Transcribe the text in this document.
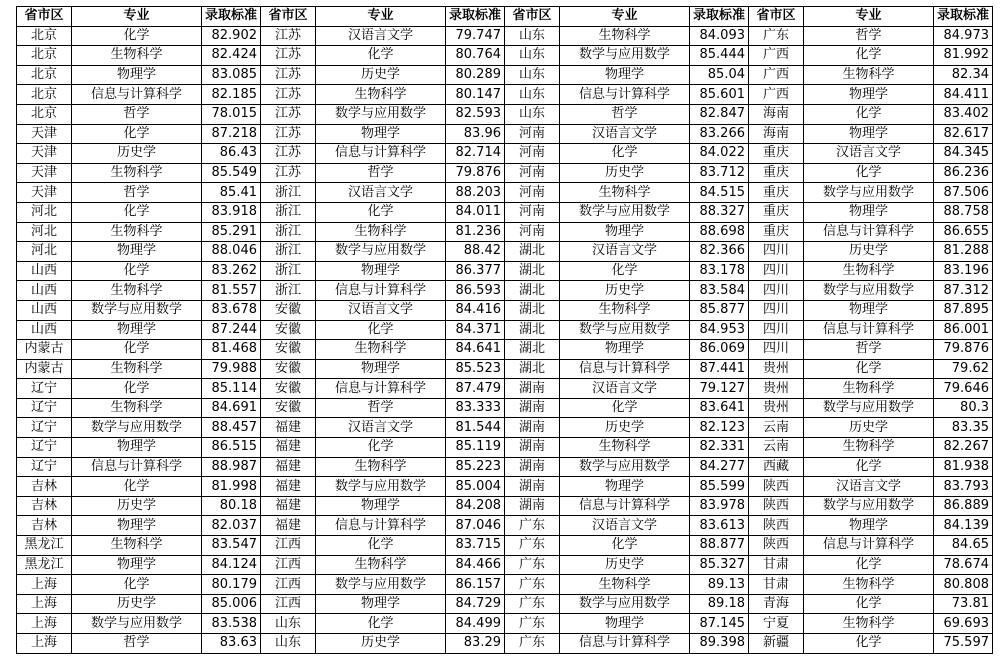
省市区	专业	录取标准	省市区	专业	录取标准	省市区	专业	录取标准	省市区	专业	录取标准
北京	化学	82.902	江苏	汉语言文学	79.747	山东	生物科学	84.093	广东	哲学	84.973
北京	生物科学	82.424	江苏	化学	80.764	山东	数学与应用数学	85.444	广西	化学	81.992
北京	物理学	83.085	江苏	历史学	80.289	山东	物理学	85.04	广西	生物科学	82.34
北京	信息与计算科学	82.185	江苏	生物科学	80.147	山东	信息与计算科学	85.601	广西	物理学	84.411
北京	哲学	78.015	江苏	数学与应用数学	82.593	山东	哲学	82.847	海南	化学	83.402
天津	化学	87.218	江苏	物理学	83.96	河南	汉语言文学	83.266	海南	物理学	82.617
天津	历史学	86.43	江苏	信息与计算科学	82.714	河南	化学	84.022	重庆	汉语言文学	84.345
天津	生物科学	85.549	江苏	哲学	79.876	河南	历史学	83.712	重庆	化学	86.236
天津	哲学	85.41	浙江	汉语言文学	88.203	河南	生物科学	84.515	重庆	数学与应用数学	87.506
河北	化学	83.918	浙江	化学	84.011	河南	数学与应用数学	88.327	重庆	物理学	88.758
河北	生物科学	85.291	浙江	生物科学	81.236	河南	物理学	88.698	重庆	信息与计算科学	86.655
河北	物理学	88.046	浙江	数学与应用数学	88.42	湖北	汉语言文学	82.366	四川	历史学	81.288
山西	化学	83.262	浙江	物理学	86.377	湖北	化学	83.178	四川	生物科学	83.196
山西	生物科学	81.557	浙江	信息与计算科学	86.593	湖北	历史学	83.584	四川	数学与应用数学	87.312
山西	数学与应用数学	83.678	安徽	汉语言文学	84.416	湖北	生物科学	85.877	四川	物理学	87.895
山西	物理学	87.244	安徽	化学	84.371	湖北	数学与应用数学	84.953	四川	信息与计算科学	86.001
内蒙古	化学	81.468	安徽	生物科学	84.641	湖北	物理学	86.069	四川	哲学	79.876
内蒙古	生物科学	79.988	安徽	物理学	85.523	湖北	信息与计算科学	87.441	贵州	化学	79.62
辽宁	化学	85.114	安徽	信息与计算科学	87.479	湖南	汉语言文学	79.127	贵州	生物科学	79.646
辽宁	生物科学	84.691	安徽	哲学	83.333	湖南	化学	83.641	贵州	数学与应用数学	80.3
辽宁	数学与应用数学	88.457	福建	汉语言文学	81.544	湖南	历史学	82.123	云南	历史学	83.35
辽宁	物理学	86.515	福建	化学	85.119	湖南	生物科学	82.331	云南	生物科学	82.267
辽宁	信息与计算科学	88.987	福建	生物科学	85.223	湖南	数学与应用数学	84.277	西藏	化学	81.938
吉林	化学	81.998	福建	数学与应用数学	85.004	湖南	物理学	85.599	陕西	汉语言文学	83.793
吉林	历史学	80.18	福建	物理学	84.208	湖南	信息与计算科学	83.978	陕西	数学与应用数学	86.889
吉林	物理学	82.037	福建	信息与计算科学	87.046	广东	汉语言文学	83.613	陕西	物理学	84.139
黑龙江	生物科学	83.547	江西	化学	83.715	广东	化学	88.877	陕西	信息与计算科学	84.65
黑龙江	物理学	84.124	江西	生物科学	84.466	广东	历史学	85.327	甘肃	化学	78.674
上海	化学	80.179	江西	数学与应用数学	86.157	广东	生物科学	89.13	甘肃	生物科学	80.808
上海	历史学	85.006	江西	物理学	84.729	广东	数学与应用数学	89.18	青海	化学	73.81
上海	数学与应用数学	83.538	山东	化学	84.499	广东	物理学	87.145	宁夏	生物科学	69.693
上海	哲学	83.63	山东	历史学	83.29	广东	信息与计算科学	89.398	新疆	化学	75.597
